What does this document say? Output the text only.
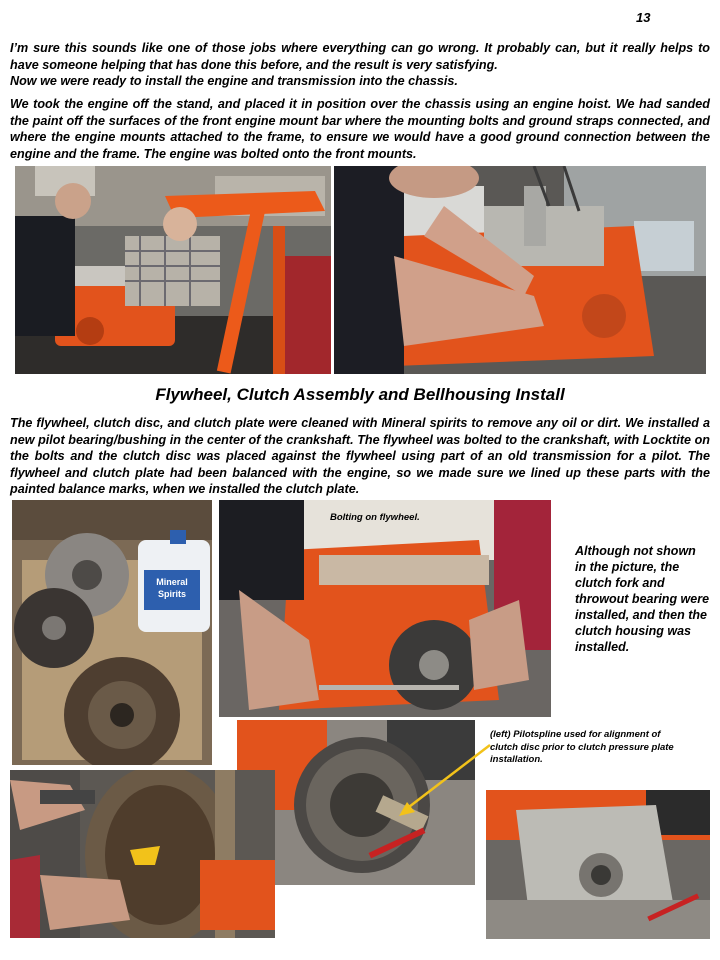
13
I’m sure this sounds like one of those jobs where everything can go wrong. It probably can, but it really helps to have someone helping that has done this before, and the result is very satisfying.
Now we were ready to install the engine and transmission into the chassis.
We took the engine off the stand, and placed it in position over the chassis using an engine hoist. We had sanded the paint off the surfaces of the front engine mount bar where the mounting bolts and ground straps connected, and where the engine mounts attached to the frame, to ensure we would have a good ground connection between the engine and the frame. The engine was bolted onto the front mounts.
Flywheel, Clutch Assembly and Bellhousing Install
The flywheel, clutch disc, and clutch plate were cleaned with Mineral spirits to remove any oil or dirt. We installed a new pilot bearing/bushing in the center of the crankshaft. The flywheel was bolted to the crankshaft, with Locktite on the bolts and the clutch disc was placed against the flywheel using part of an old transmission for a pilot. The flywheel and clutch plate had been balanced with the engine, so we made sure we lined up these parts with the painted balance marks, when we installed the clutch plate.
Mineral
Spirits
Bolting on flywheel.
Although not shown in the picture, the clutch fork and throwout bearing were installed, and then the clutch housing was installed.
(left) Pilotspline used for alignment of clutch disc prior to clutch pressure plate installation.
